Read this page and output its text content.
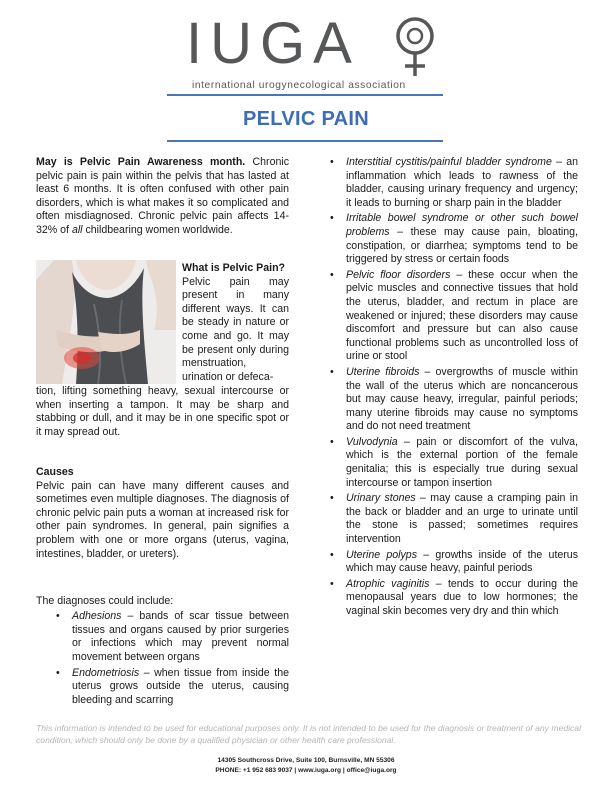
IUGA
international urogynecological association
PELVIC PAIN

May is Pelvic Pain Awareness month. Chronic pelvic pain is pain within the pelvis that has lasted at least 6 months. It is often confused with other pain disorders, which is what makes it so complicated and often misdiagnosed. Chronic pelvic pain affects 14-32% of all childbearing women worldwide.

What is Pelvic Pain?

Pelvic pain may present in many different ways. It can be steady in nature or come and go. It may be present only during menstruation, urination or defeca-

tion, lifting something heavy, sexual intercourse or when inserting a tampon. It may be sharp and stabbing or dull, and it may be in one specific spot or it may spread out.

Causes

Pelvic pain can have many different causes and sometimes even multiple diagnoses. The diagnosis of chronic pelvic pain puts a woman at increased risk for other pain syndromes. In general, pain signifies a problem with one or more organs (uterus, vagina, intestines, bladder, or ureters).

The diagnoses could include:

• Adhesions – bands of scar tissue between tissues and organs caused by prior surgeries or infections which may prevent normal movement between organs
• Endometriosis – when tissue from inside the uterus grows outside the uterus, causing bleeding and scarring
• Interstitial cystitis/painful bladder syndrome – an inflammation which leads to rawness of the bladder, causing urinary frequency and urgency; it leads to burning or sharp pain in the bladder
• Irritable bowel syndrome or other such bowel problems – these may cause pain, bloating, constipation, or diarrhea; symptoms tend to be triggered by stress or certain foods
• Pelvic floor disorders – these occur when the pelvic muscles and connective tissues that hold the uterus, bladder, and rectum in place are weakened or injured; these disorders may cause discomfort and pressure but can also cause functional problems such as uncontrolled loss of urine or stool
• Uterine fibroids – overgrowths of muscle within the wall of the uterus which are noncancerous but may cause heavy, irregular, painful periods; many uterine fibroids may cause no symptoms and do not need treatment
• Vulvodynia – pain or discomfort of the vulva, which is the external portion of the female genitalia; this is especially true during sexual intercourse or tampon insertion
• Urinary stones – may cause a cramping pain in the back or bladder and an urge to urinate until the stone is passed; sometimes requires intervention
• Uterine polyps – growths inside of the uterus which may cause heavy, painful periods
• Atrophic vaginitis – tends to occur during the menopausal years due to low hormones; the vaginal skin becomes very dry and thin which
This information is intended to be used for educational purposes only. It is not intended to be used for the diagnosis or treatment of any medical condition, which should only be done by a qualified physician or other health care professional.
14305 Southcross Drive, Suite 100, Burnsville, MN 55306
PHONE: +1 952 683 9037 | www.iuga.org | office@iuga.org
